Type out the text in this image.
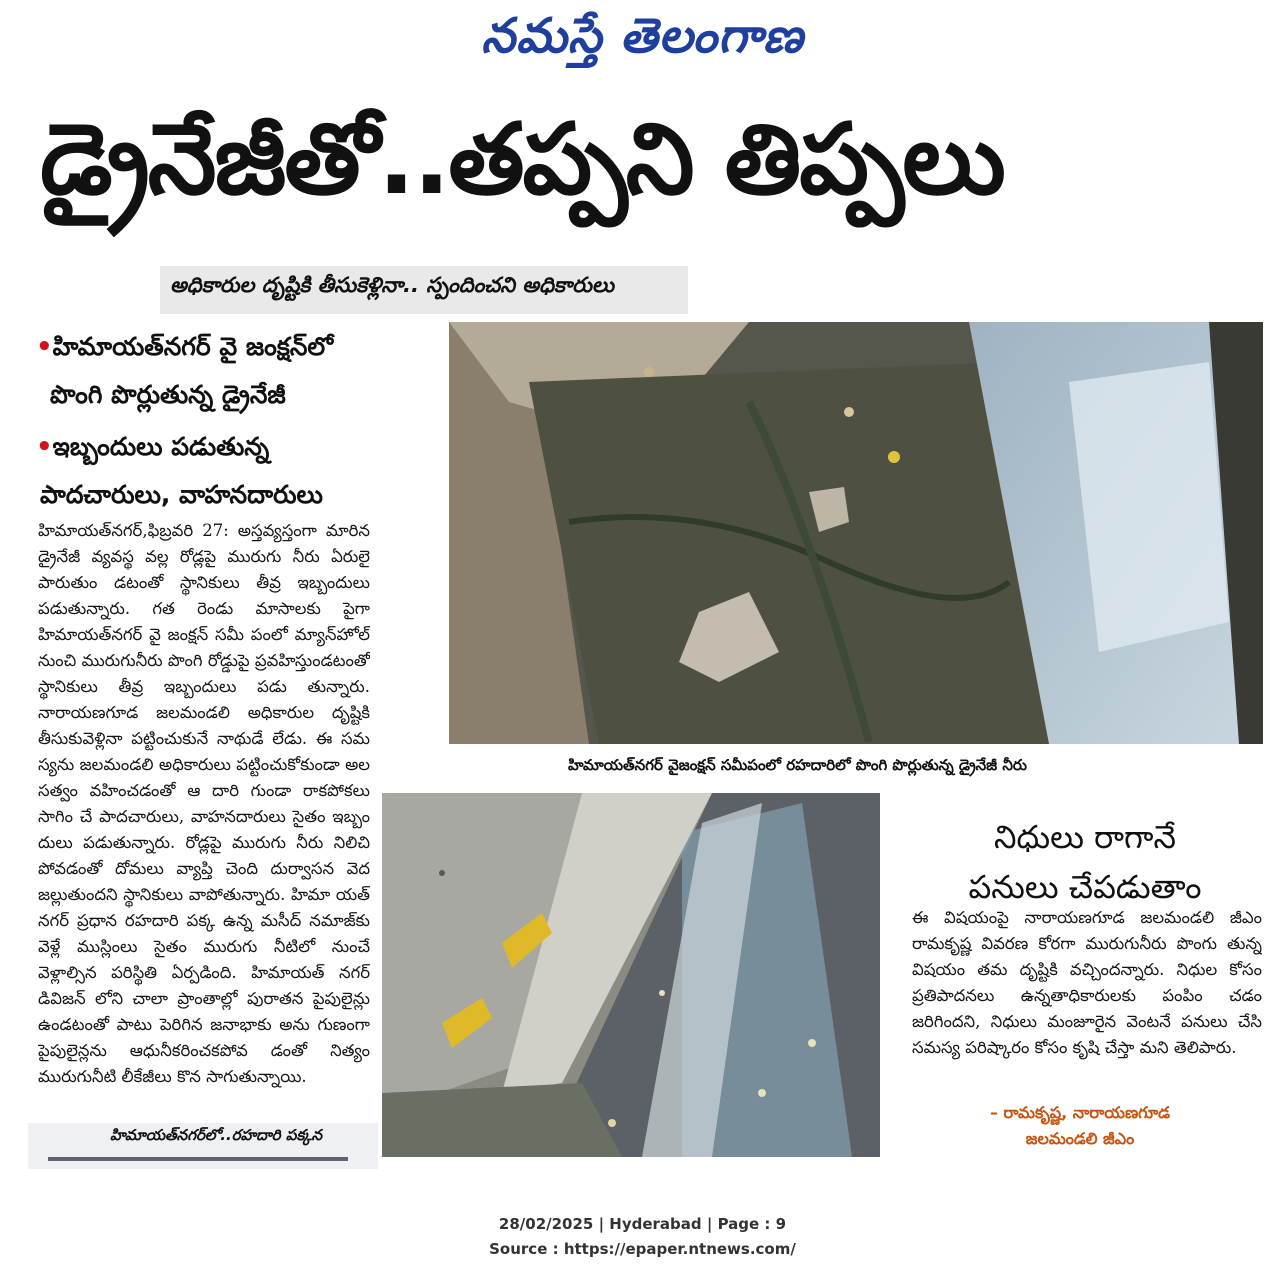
నమస్తే తెలంగాణ
డ్రైనేజీతో..తప్పని తిప్పలు
అధికారుల దృష్టికి తీసుకెళ్లినా.. స్పందించని అధికారులు
•హిమాయత్‌నగర్ వై జంక్షన్‌లో
పొంగి పొర్లుతున్న డ్రైనేజీ
•ఇబ్బందులు పడుతున్న
పాదచారులు, వాహనదారులు
హిమాయత్‌నగర్,ఫిబ్రవరి 27: అస్తవ్యస్తంగా మారిన డ్రైనేజీ వ్యవస్థ వల్ల రోడ్లపై మురుగు నీరు ఏరులై పారుతుం డటంతో స్థానికులు తీవ్ర ఇబ్బందులు పడుతున్నారు. గత రెండు మాసాలకు పైగా హిమాయత్‌నగర్ వై జంక్షన్ సమీ పంలో మ్యాన్‌హోల్ నుంచి మురుగునీరు పొంగి రోడ్డుపై ప్రవహిస్తుండటంతో స్థానికులు తీవ్ర ఇబ్బందులు పడు తున్నారు. నారాయణగూడ జలమండలి అధికారుల దృష్టికి తీసుకువెళ్లినా పట్టించుకునే నాథుడే లేడు. ఈ సమ స్యను జలమండలి అధికారులు పట్టించుకోకుండా అల సత్వం వహించడంతో ఆ దారి గుండా రాకపోకలు సాగిం చే పాదచారులు, వాహనదారులు సైతం ఇబ్బం దులు పడుతున్నారు. రోడ్లపై మురుగు నీరు నిలిచి పోవడంతో దోమలు వ్యాప్తి చెంది దుర్వాసన వెద జల్లుతుందని స్థానికులు వాపోతున్నారు. హిమా యత్ నగర్ ప్రధాన రహదారి పక్క ఉన్న మసీద్ నమాజ్‌కు వెళ్లే ముస్లింలు సైతం మురుగు నీటిలో నుంచే వెళ్లాల్సిన పరిస్థితి ఏర్పడింది. హిమాయత్ నగర్ డివిజన్ లోని చాలా ప్రాంతాల్లో పురాతన పైపులైన్లు ఉండటంతో పాటు పెరిగిన జనాభాకు అను గుణంగా పైపులైన్లను ఆధునీకరించకపోవ డంతో నిత్యం మురుగునీటి లీకేజీలు కొన సాగుతున్నాయి.
హిమాయత్‌నగర్ వైజంక్షన్ సమీపంలో రహదారిలో పొంగి పొర్లుతున్న డ్రైనేజీ నీరు
హిమాయత్‌నగర్‌లో..రహదారి పక్కన
నిధులు రాగానే
పనులు చేపడుతాం
ఈ విషయంపై నారాయణగూడ జలమండలి జీఎం రామకృష్ణ వివరణ కోరగా మురుగునీరు పొంగు తున్న విషయం తమ దృష్టికి వచ్చిందన్నారు. నిధుల కోసం ప్రతిపాదనలు ఉన్నతాధికారులకు పంపిం చడం జరిగిందని, నిధులు మంజూరైన వెంటనే పనులు చేసి సమస్య పరిష్కారం కోసం కృషి చేస్తా మని తెలిపారు.
– రామకృష్ణ, నారాయణగూడ
జలమండలి జీఎం
28/02/2025 | Hyderabad | Page : 9
Source : https://epaper.ntnews.com/
